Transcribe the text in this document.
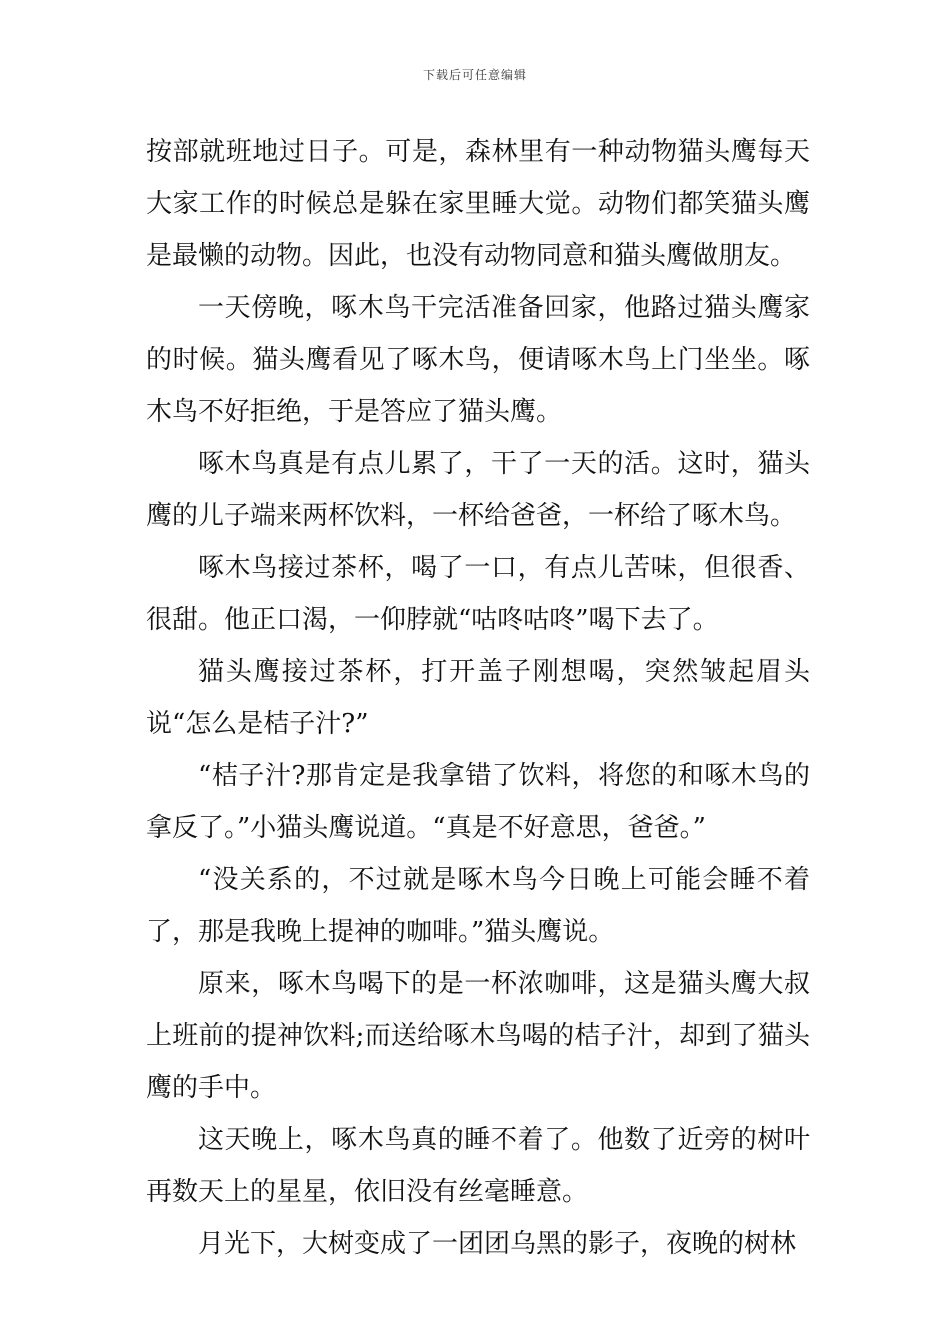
下载后可任意编辑

按部就班地过日子。可是，森林里有一种动物猫头鹰每天大家工作的时候总是躲在家里睡大觉。动物们都笑猫头鹰是最懒的动物。因此，也没有动物同意和猫头鹰做朋友。

一天傍晚，啄木鸟干完活准备回家，他路过猫头鹰家的时候。猫头鹰看见了啄木鸟，便请啄木鸟上门坐坐。啄木鸟不好拒绝，于是答应了猫头鹰。

啄木鸟真是有点儿累了，干了一天的活。这时，猫头鹰的儿子端来两杯饮料，一杯给爸爸，一杯给了啄木鸟。

啄木鸟接过茶杯，喝了一口，有点儿苦味，但很香、很甜。他正口渴，一仰脖就“咕咚咕咚”喝下去了。

猫头鹰接过茶杯，打开盖子刚想喝，突然皱起眉头说“怎么是桔子汁?”

“桔子汁?那肯定是我拿错了饮料，将您的和啄木鸟的拿反了。”小猫头鹰说道。“真是不好意思，爸爸。”

“没关系的，不过就是啄木鸟今日晚上可能会睡不着了，那是我晚上提神的咖啡。”猫头鹰说。

原来，啄木鸟喝下的是一杯浓咖啡，这是猫头鹰大叔上班前的提神饮料;而送给啄木鸟喝的桔子汁，却到了猫头鹰的手中。

这天晚上，啄木鸟真的睡不着了。他数了近旁的树叶再数天上的星星，依旧没有丝毫睡意。

月光下，大树变成了一团团乌黑的影子，夜晚的树林
